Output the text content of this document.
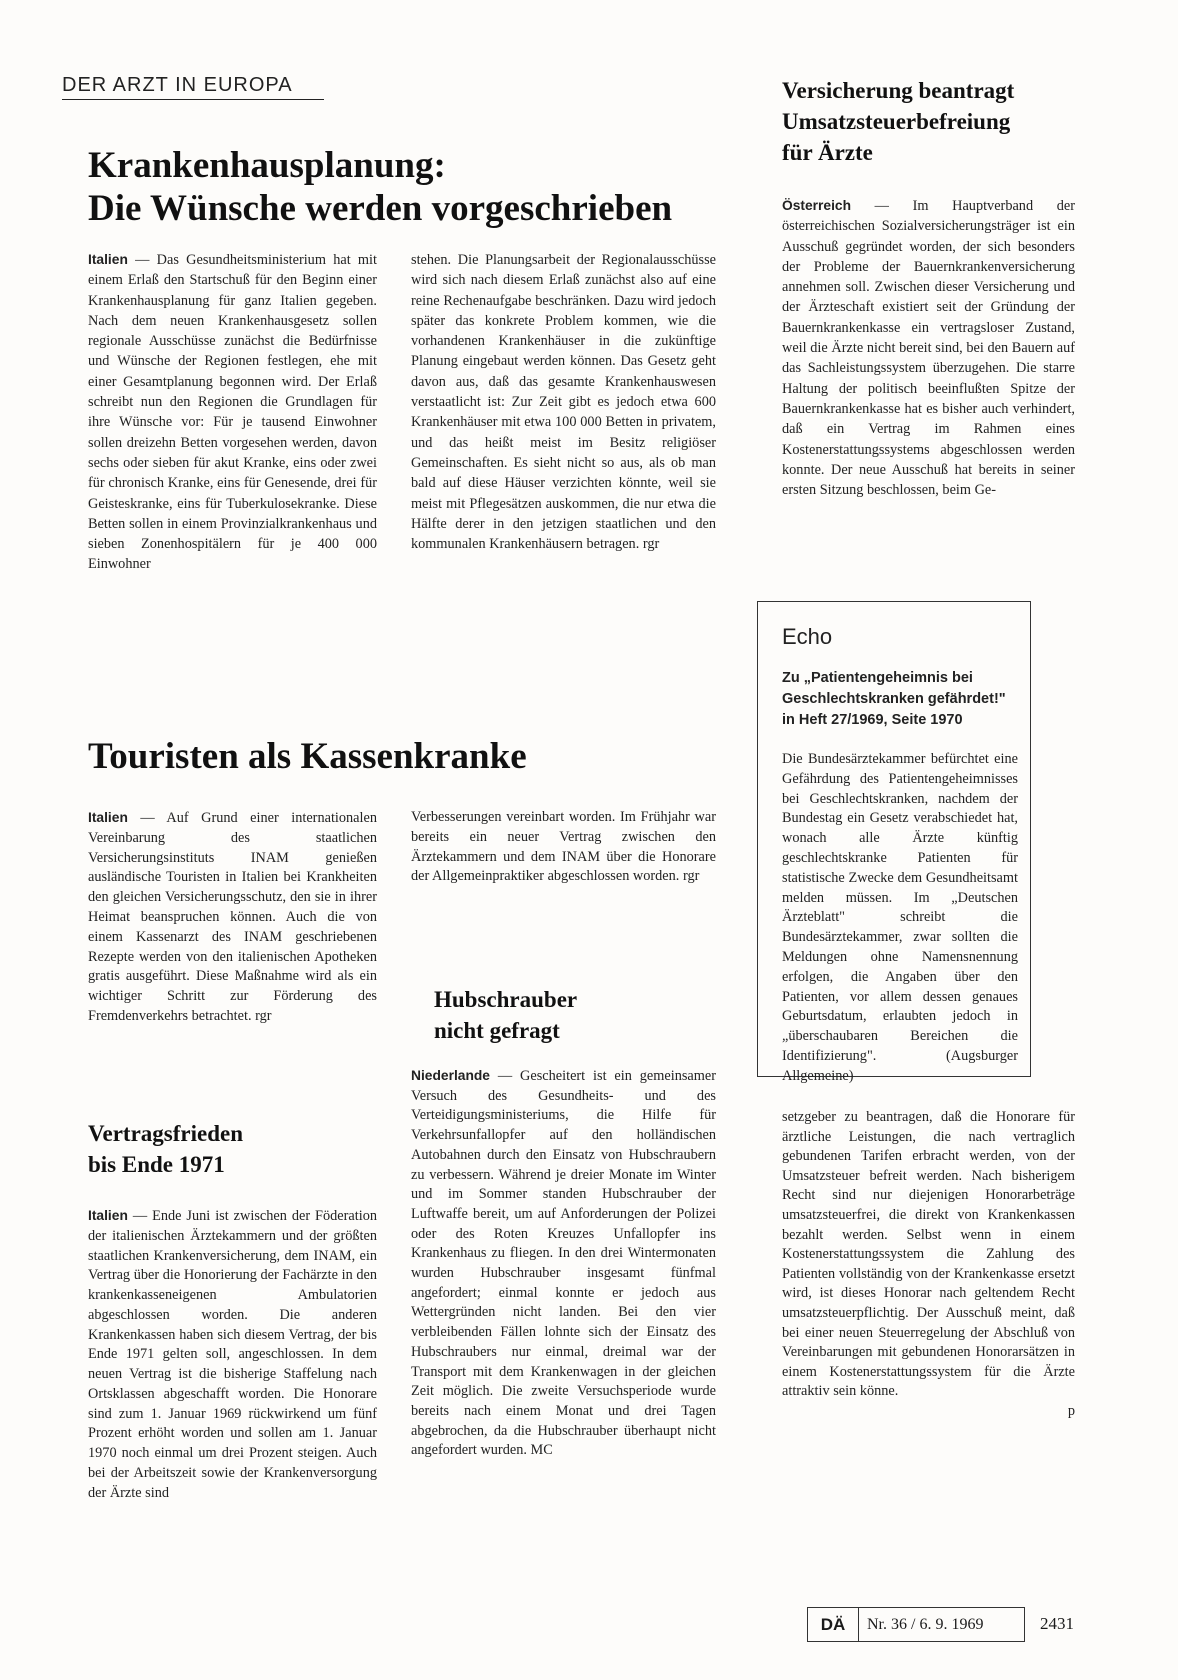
DER ARZT IN EUROPA
Krankenhausplanung:
Die Wünsche werden vorgeschrieben

Italien — Das Gesundheitsministerium hat mit einem Erlaß den Startschuß für den Beginn einer Krankenhausplanung für ganz Italien gegeben. Nach dem neuen Krankenhausgesetz sollen regionale Ausschüsse zunächst die Bedürfnisse und Wünsche der Regionen festlegen, ehe mit einer Gesamtplanung begonnen wird. Der Erlaß schreibt nun den Regionen die Grundlagen für ihre Wünsche vor: Für je tausend Einwohner sollen dreizehn Betten vorgesehen werden, davon sechs oder sieben für akut Kranke, eins oder zwei für chronisch Kranke, eins für Genesende, drei für Geisteskranke, eins für Tuberkulosekranke. Diese Betten sollen in einem Provinzialkrankenhaus und sieben Zonenhospitälern für je 400 000 Einwohner

stehen. Die Planungsarbeit der Regionalausschüsse wird sich nach diesem Erlaß zunächst also auf eine reine Rechenaufgabe beschränken. Dazu wird jedoch später das konkrete Problem kommen, wie die vorhandenen Krankenhäuser in die zukünftige Planung eingebaut werden können. Das Gesetz geht davon aus, daß das gesamte Krankenhauswesen verstaatlicht ist: Zur Zeit gibt es jedoch etwa 600 Krankenhäuser mit etwa 100 000 Betten in privatem, und das heißt meist im Besitz religiöser Gemeinschaften. Es sieht nicht so aus, als ob man bald auf diese Häuser verzichten könnte, weil sie meist mit Pflegesätzen auskommen, die nur etwa die Hälfte derer in den jetzigen staatlichen und den kommunalen Krankenhäusern betragen. rgr

Versicherung beantragt
Umsatzsteuerbefreiung
für Ärzte

Österreich — Im Hauptverband der österreichischen Sozialversicherungsträger ist ein Ausschuß gegründet worden, der sich besonders der Probleme der Bauernkrankenversicherung annehmen soll. Zwischen dieser Versicherung und der Ärzteschaft existiert seit der Gründung der Bauernkrankenkasse ein vertragsloser Zustand, weil die Ärzte nicht bereit sind, bei den Bauern auf das Sachleistungssystem überzugehen. Die starre Haltung der politisch beeinflußten Spitze der Bauernkrankenkasse hat es bisher auch verhindert, daß ein Vertrag im Rahmen eines Kostenerstattungssystems abgeschlossen werden konnte. Der neue Ausschuß hat bereits in seiner ersten Sitzung beschlossen, beim Ge-

Echo
Zu „Patientengeheimnis bei Geschlechtskranken gefährdet!" in Heft 27/1969, Seite 1970
Die Bundesärztekammer befürchtet eine Gefährdung des Patientengeheimnisses bei Geschlechtskranken, nachdem der Bundestag ein Gesetz verabschiedet hat, wonach alle Ärzte künftig geschlechtskranke Patienten für statistische Zwecke dem Gesundheitsamt melden müssen. Im „Deutschen Ärzteblatt" schreibt die Bundesärztekammer, zwar sollten die Meldungen ohne Namensnennung erfolgen, die Angaben über den Patienten, vor allem dessen genaues Geburtsdatum, erlaubten jedoch in „überschaubaren Bereichen die Identifizierung". (Augsburger Allgemeine)

setzgeber zu beantragen, daß die Honorare für ärztliche Leistungen, die nach vertraglich gebundenen Tarifen erbracht werden, von der Umsatzsteuer befreit werden. Nach bisherigem Recht sind nur diejenigen Honorarbeträge umsatzsteuerfrei, die direkt von Krankenkassen bezahlt werden. Selbst wenn in einem Kostenerstattungssystem die Zahlung des Patienten vollständig von der Krankenkasse ersetzt wird, ist dieses Honorar nach geltendem Recht umsatzsteuerpflichtig. Der Ausschuß meint, daß bei einer neuen Steuerregelung der Abschluß von Vereinbarungen mit gebundenen Honorarsätzen in einem Kostenerstattungssystem für die Ärzte attraktiv sein könne.
p

Touristen als Kassenkranke

Italien — Auf Grund einer internationalen Vereinbarung des staatlichen Versicherungsinstituts INAM genießen ausländische Touristen in Italien bei Krankheiten den gleichen Versicherungsschutz, den sie in ihrer Heimat beanspruchen können. Auch die von einem Kassenarzt des INAM geschriebenen Rezepte werden von den italienischen Apotheken gratis ausgeführt. Diese Maßnahme wird als ein wichtiger Schritt zur Förderung des Fremdenverkehrs betrachtet. rgr

Vertragsfrieden
bis Ende 1971

Italien — Ende Juni ist zwischen der Föderation der italienischen Ärztekammern und der größten staatlichen Krankenversicherung, dem INAM, ein Vertrag über die Honorierung der Fachärzte in den krankenkasseneigenen Ambulatorien abgeschlossen worden. Die anderen Krankenkassen haben sich diesem Vertrag, der bis Ende 1971 gelten soll, angeschlossen. In dem neuen Vertrag ist die bisherige Staffelung nach Ortsklassen abgeschafft worden. Die Honorare sind zum 1. Januar 1969 rückwirkend um fünf Prozent erhöht worden und sollen am 1. Januar 1970 noch einmal um drei Prozent steigen. Auch bei der Arbeitszeit sowie der Krankenversorgung der Ärzte sind

Verbesserungen vereinbart worden. Im Frühjahr war bereits ein neuer Vertrag zwischen den Ärztekammern und dem INAM über die Honorare der Allgemeinpraktiker abgeschlossen worden. rgr

Hubschrauber
nicht gefragt

Niederlande — Gescheitert ist ein gemeinsamer Versuch des Gesundheits- und des Verteidigungsministeriums, die Hilfe für Verkehrsunfallopfer auf den holländischen Autobahnen durch den Einsatz von Hubschraubern zu verbessern. Während je dreier Monate im Winter und im Sommer standen Hubschrauber der Luftwaffe bereit, um auf Anforderungen der Polizei oder des Roten Kreuzes Unfallopfer ins Krankenhaus zu fliegen. In den drei Wintermonaten wurden Hubschrauber insgesamt fünfmal angefordert; einmal konnte er jedoch aus Wettergründen nicht landen. Bei den vier verbleibenden Fällen lohnte sich der Einsatz des Hubschraubers nur einmal, dreimal war der Transport mit dem Krankenwagen in der gleichen Zeit möglich. Die zweite Versuchsperiode wurde bereits nach einem Monat und drei Tagen abgebrochen, da die Hubschrauber überhaupt nicht angefordert wurden. MC

DÄ	Nr. 36 / 6. 9. 1969	2431
